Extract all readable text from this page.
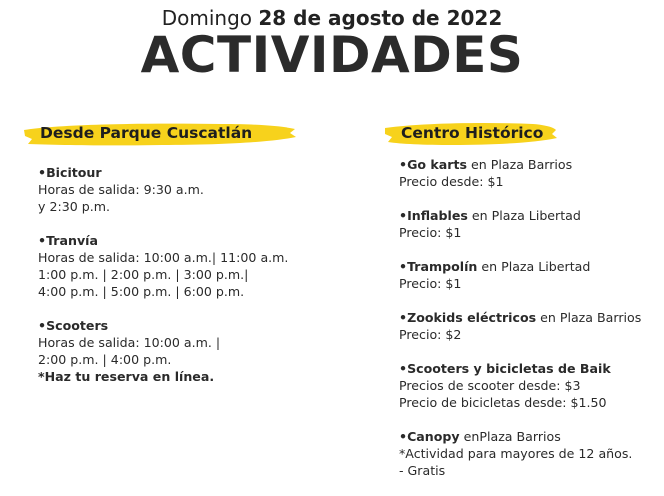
Domingo 28 de agosto de 2022
ACTIVIDADES
Desde Parque Cuscatlán
•Bicitour
Horas de salida: 9:30 a.m.
y 2:30 p.m.
•Tranvía
Horas de salida: 10:00 a.m.| 11:00 a.m.
1:00 p.m. | 2:00 p.m. | 3:00 p.m.|
4:00 p.m. | 5:00 p.m. | 6:00 p.m.
•Scooters
Horas de salida: 10:00 a.m. |
2:00 p.m. | 4:00 p.m.
*Haz tu reserva en línea.
Centro Histórico
•Go karts en Plaza Barrios
Precio desde: $1
•Inflables en Plaza Libertad
Precio: $1
•Trampolín en Plaza Libertad
Precio: $1
•Zookids eléctricos en Plaza Barrios
Precio: $2
•Scooters y bicicletas de Baik
Precios de scooter desde: $3
Precio de bicicletas desde: $1.50
•Canopy enPlaza Barrios
*Actividad para mayores de 12 años.
- Gratis
